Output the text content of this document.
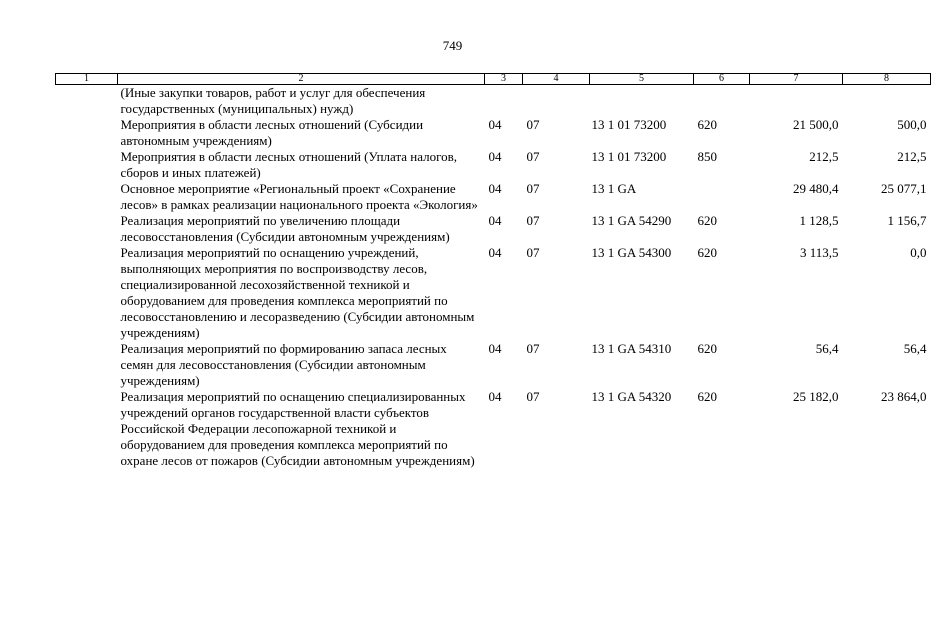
749
1	2	3	4	5	6	7	8
	(Иные закупки товаров, работ и услуг для обеспечения государственных (муниципальных) нужд)						
	Мероприятия в области лесных отношений (Субсидии автономным учреждениям)	04	07	13 1 01 73200	620	21 500,0	500,0
	Мероприятия в области лесных отношений (Уплата налогов, сборов и иных платежей)	04	07	13 1 01 73200	850	212,5	212,5
	Основное мероприятие «Региональный проект «Сохранение лесов» в рамках реализации национального проекта «Экология»	04	07	13 1 GA		29 480,4	25 077,1
	Реализация мероприятий по увеличению площади лесовосстановления (Субсидии автономным учреждениям)	04	07	13 1 GA 54290	620	1 128,5	1 156,7
	Реализация мероприятий по оснащению учреждений, выполняющих мероприятия по воспроизводству лесов, специализированной лесохозяйственной техникой и оборудованием для проведения комплекса мероприятий по лесовосстановлению и лесоразведению (Субсидии автономным учреждениям)	04	07	13 1 GA 54300	620	3 113,5	0,0
	Реализация мероприятий по формированию запаса лесных семян для лесовосстановления (Субсидии автономным учреждениям)	04	07	13 1 GA 54310	620	56,4	56,4
	Реализация мероприятий по оснащению специализированных учреждений органов государственной власти субъектов Российской Федерации лесопожарной техникой и оборудованием для проведения комплекса мероприятий по охране лесов от пожаров (Субсидии автономным учреждениям)	04	07	13 1 GA 54320	620	25 182,0	23 864,0
